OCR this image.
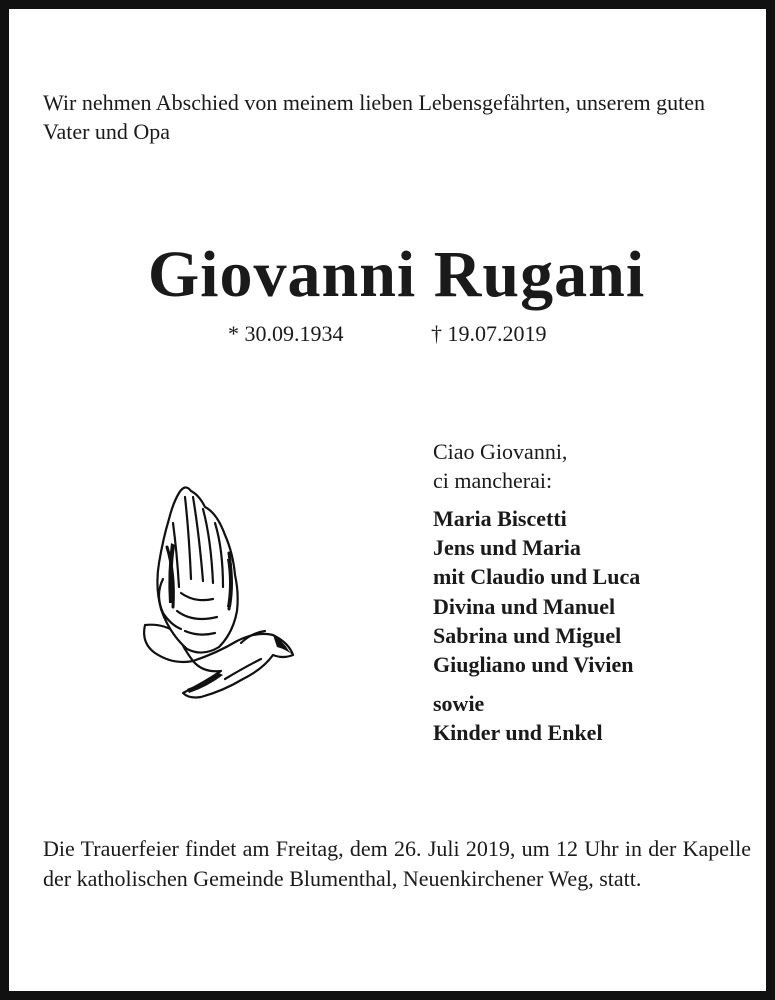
Wir nehmen Abschied von meinem lieben Lebensgefährten, unserem guten Vater und Opa

Giovanni Rugani
* 30.09.1934	† 19.07.2019
Ciao Giovanni,
ci mancherai:
Maria Biscetti
Jens und Maria
mit Claudio und Luca
Divina und Manuel
Sabrina und Miguel
Giugliano und Vivien
sowie
Kinder und Enkel

Die Trauerfeier findet am Freitag, dem 26. Juli 2019, um 12 Uhr in der Kapelle der katholischen Gemeinde Blumenthal, Neuenkirchener Weg, statt.
